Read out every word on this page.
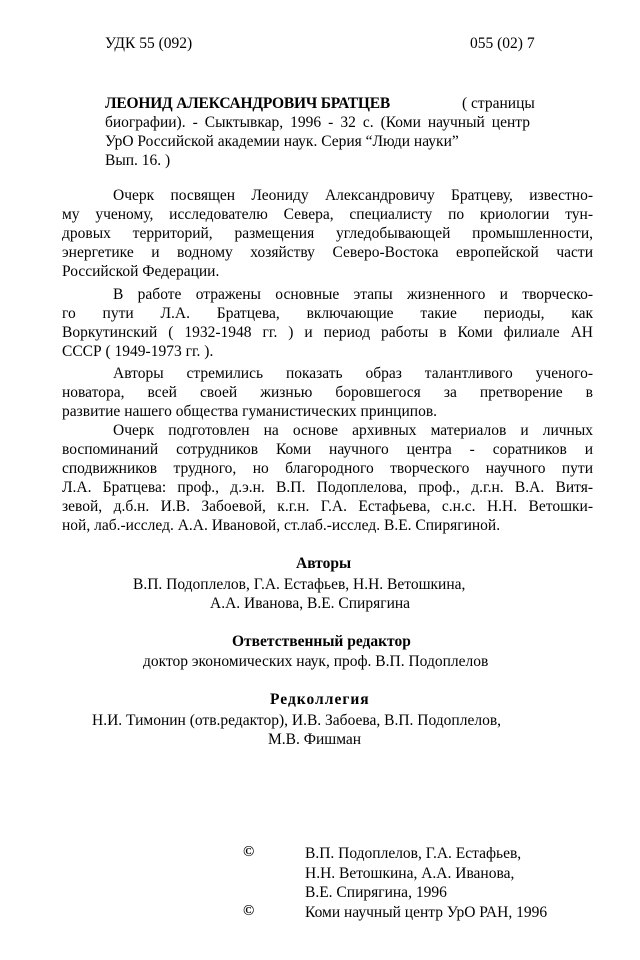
УДК 55 (092)	055 (02) 7
ЛЕОНИД АЛЕКСАНДРОВИЧ БРАТЦЕВ	( страницы
биографии). - Сыктывкар, 1996 - 32 с. (Коми научный центр
УрО Российской академии наук. Серия “Люди науки”
Вып. 16. )
Очерк посвящен Леониду Александровичу Братцеву, известно-
му ученому, исследователю Севера, специалисту по криологии тун-
дровых территорий, размещения угледобывающей промышленности,
энергетике и водному хозяйству Северо-Востока европейской части
Российской Федерации.
В работе отражены основные этапы жизненного и творческо-
го пути Л.А. Братцева, включающие такие периоды, как
Воркутинский ( 1932-1948 гг. ) и период работы в Коми филиале АН
СССР ( 1949-1973 гг. ).
Авторы стремились показать образ талантливого ученого-
новатора, всей своей жизнью боровшегося за претворение в
развитие нашего общества гуманистических принципов.
Очерк подготовлен на основе архивных материалов и личных
воспоминаний сотрудников Коми научного центра - соратников и
сподвижников трудного, но благородного творческого научного пути
Л.А. Братцева: проф., д.э.н. В.П. Подоплелова, проф., д.г.н. В.А. Витя-
зевой, д.б.н. И.В. Забоевой, к.г.н. Г.А. Естафьева, с.н.с. Н.Н. Ветошки-
ной, лаб.-исслед. А.А. Ивановой, ст.лаб.-исслед. В.Е. Спирягиной.
Авторы
В.П. Подоплелов, Г.А. Естафьев, Н.Н. Ветошкина,
А.А. Иванова, В.Е. Спирягина
Ответственный редактор
доктор экономических наук, проф. В.П. Подоплелов
Редколлегия
Н.И. Тимонин (отв.редактор), И.В. Забоева, В.П. Подоплелов,
М.В. Фишман
©	В.П. Подоплелов, Г.А. Естафьев,
Н.Н. Ветошкина, А.А. Иванова,
В.Е. Спирягина, 1996
©	Коми научный центр УрО РАН, 1996
